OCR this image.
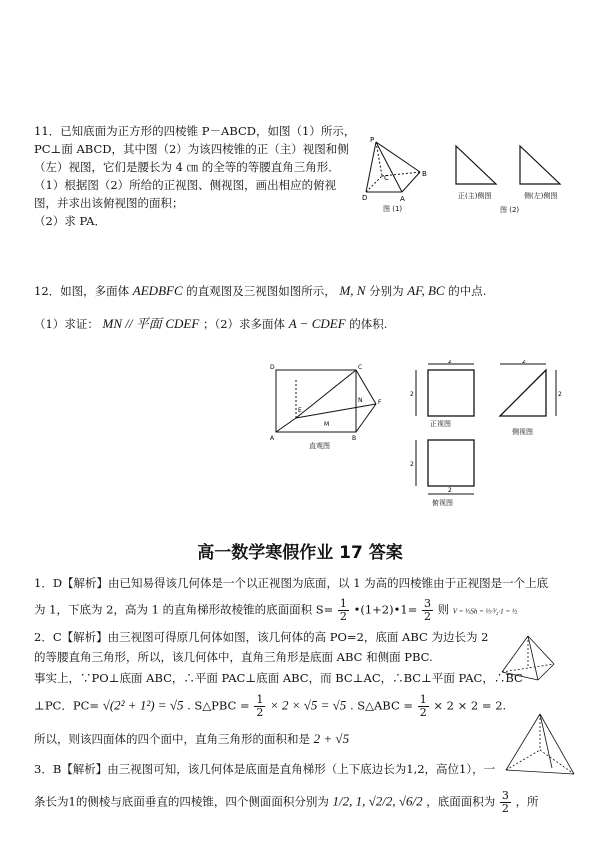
11．已知底面为正方形的四棱锥 P－ABCD，如图（1）所示，
PC⊥面 ABCD，其中图（2）为该四棱锥的正（主）视图和侧
（左）视图，它们是腰长为 4 ㎝ 的全等的等腰直角三角形．
（1）根据图（2）所给的正视图、侧视图，画出相应的俯视
图，并求出该俯视图的面积；
（2）求 PA．
P
B
C
D	A
图 (1)
正(主)侧图	侧(左)侧图
图 (2)
12．如图，多面体 AEDBFC 的直观图及三视图如图所示， M, N 分别为 AF, BC 的中点.
（1）求证： MN // 平面 CDEF ；（2）求多面体 A − CDEF 的体积.
D	C
E
N	F
M
A	B
直观图
2
2
正视图
2
2
侧视图
2
2
俯视图
高一数学寒假作业 17 答案
1．D【解析】由已知易得该几何体是一个以正视图为底面，以 1 为高的四棱锥由于正视图是一个上底
为 1，下底为 2，高为 1 的直角梯形故棱锥的底面面积 $S= \frac{1}{2}$ •(1+2)•1= $\frac{3}{2}$ 则 V = ⅓Sh = ⅓·³⁄₂·1 = ½
2．C【解析】由三视图可得原几何体如图，该几何体的高 PO=2，底面 ABC 为边长为 2
的等腰直角三角形，所以，该几何体中，直角三角形是底面 ABC 和侧面 PBC.
事实上，∵PO⊥底面 ABC，∴平面 PAC⊥底面 ABC，而 BC⊥AC，∴BC⊥平面 PAC，∴BC
⊥PC．PC= √(2² + 1²) = √5 . S△PBC = $\frac{1}{2} \times 2 \times √5 = √5$ . S△ABC = $\frac{1}{2} \times 2 \times 2 = 2$.
所以，则该四面体的四个面中，直角三角形的面积和是 2 + √5
3．B【解析】由三视图可知，该几何体是底面是直角梯形（上下底边长为1,2，高位1），一
条长为1的侧棱与底面垂直的四棱锥，四个侧面面积分别为 1/2, 1, √2/2, √6/2 ，底面面积为 $\frac{3}{2}$ ，所
